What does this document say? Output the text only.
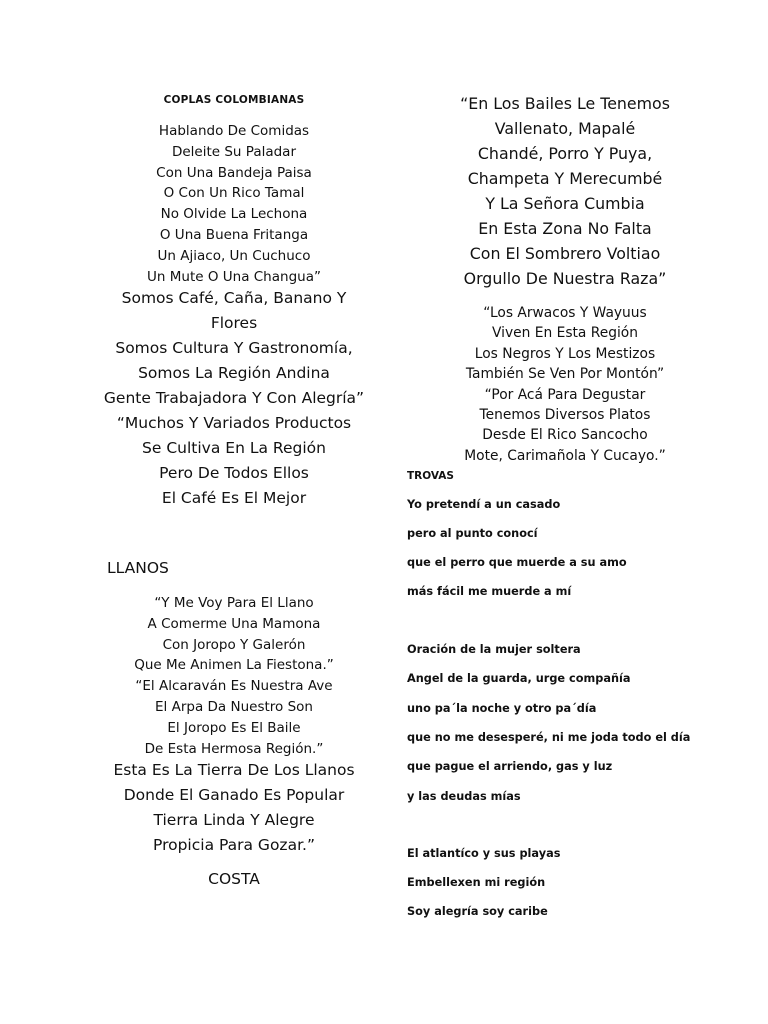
COPLAS COLOMBIANAS
Hablando De Comidas
Deleite Su Paladar
Con Una Bandeja Paisa
O Con Un Rico Tamal
No Olvide La Lechona
O Una Buena Fritanga
Un Ajiaco, Un Cuchuco
Un Mute O Una Changua”
Somos Café, Caña, Banano Y
Flores
Somos Cultura Y Gastronomía,
Somos La Región Andina
Gente Trabajadora Y Con Alegría”
“Muchos Y Variados Productos
Se Cultiva En La Región
Pero De Todos Ellos
El Café Es El Mejor
LLANOS
“Y Me Voy Para El Llano
A Comerme Una Mamona
Con Joropo Y Galerón
Que Me Animen La Fiestona.”
“El Alcaraván Es Nuestra Ave
El Arpa Da Nuestro Son
El Joropo Es El Baile
De Esta Hermosa Región.”
Esta Es La Tierra De Los Llanos
Donde El Ganado Es Popular
Tierra Linda Y Alegre
Propicia Para Gozar.”
COSTA
“En Los Bailes Le Tenemos
Vallenato, Mapalé
Chandé, Porro Y Puya,
Champeta Y Merecumbé
Y La Señora Cumbia
En Esta Zona No Falta
Con El Sombrero Voltiao
Orgullo De Nuestra Raza”
“Los Arwacos Y Wayuus
Viven En Esta Región
Los Negros Y Los Mestizos
También Se Ven Por Montón”
“Por Acá Para Degustar
Tenemos Diversos Platos
Desde El Rico Sancocho
Mote, Carimañola Y Cucayo.”
TROVAS
Yo pretendí a un casado
pero al punto conocí
que el perro que muerde a su amo
más fácil me muerde a mí
Oración de la mujer soltera
Angel de la guarda, urge compañía
uno pa´la noche y otro pa´día
que no me desesperé, ni me joda todo el día
que pague el arriendo, gas y luz
y las deudas mías
El atlantíco y sus playas
Embellexen mi región
Soy alegría soy caribe
